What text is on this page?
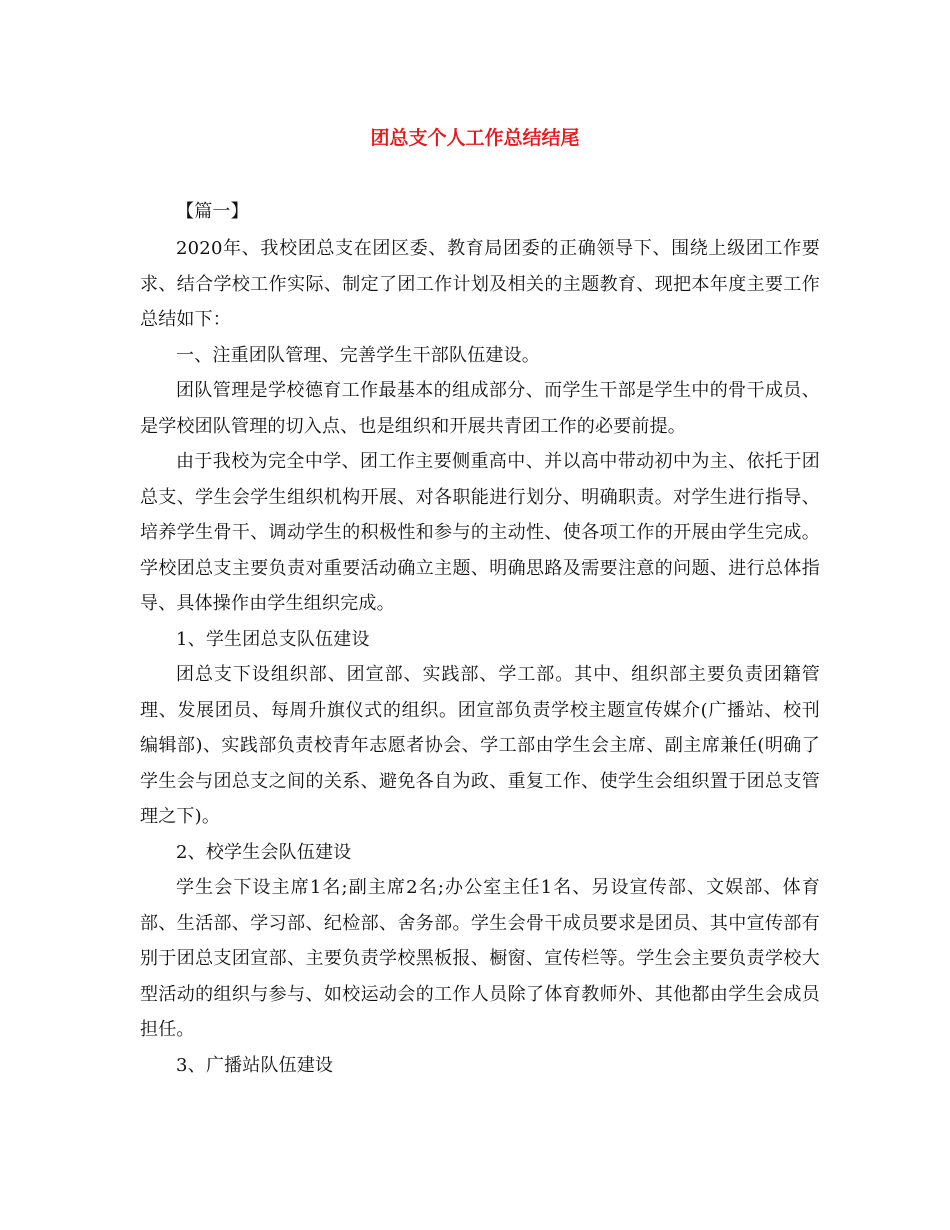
团总支个人工作总结结尾

【篇一】

2020年、我校团总支在团区委、教育局团委的正确领导下、围绕上级团工作要求、结合学校工作实际、制定了团工作计划及相关的主题教育、现把本年度主要工作总结如下：

一、注重团队管理、完善学生干部队伍建设。

团队管理是学校德育工作最基本的组成部分、而学生干部是学生中的骨干成员、是学校团队管理的切入点、也是组织和开展共青团工作的必要前提。

由于我校为完全中学、团工作主要侧重高中、并以高中带动初中为主、依托于团总支、学生会学生组织机构开展、对各职能进行划分、明确职责。对学生进行指导、培养学生骨干、调动学生的积极性和参与的主动性、使各项工作的开展由学生完成。学校团总支主要负责对重要活动确立主题、明确思路及需要注意的问题、进行总体指导、具体操作由学生组织完成。

1、学生团总支队伍建设

团总支下设组织部、团宣部、实践部、学工部。其中、组织部主要负责团籍管理、发展团员、每周升旗仪式的组织。团宣部负责学校主题宣传媒介(广播站、校刊编辑部)、实践部负责校青年志愿者协会、学工部由学生会主席、副主席兼任(明确了学生会与团总支之间的关系、避免各自为政、重复工作、使学生会组织置于团总支管理之下)。

2、校学生会队伍建设

学生会下设主席1名;副主席2名;办公室主任1名、另设宣传部、文娱部、体育部、生活部、学习部、纪检部、舍务部。学生会骨干成员要求是团员、其中宣传部有别于团总支团宣部、主要负责学校黑板报、橱窗、宣传栏等。学生会主要负责学校大型活动的组织与参与、如校运动会的工作人员除了体育教师外、其他都由学生会成员担任。

3、广播站队伍建设
